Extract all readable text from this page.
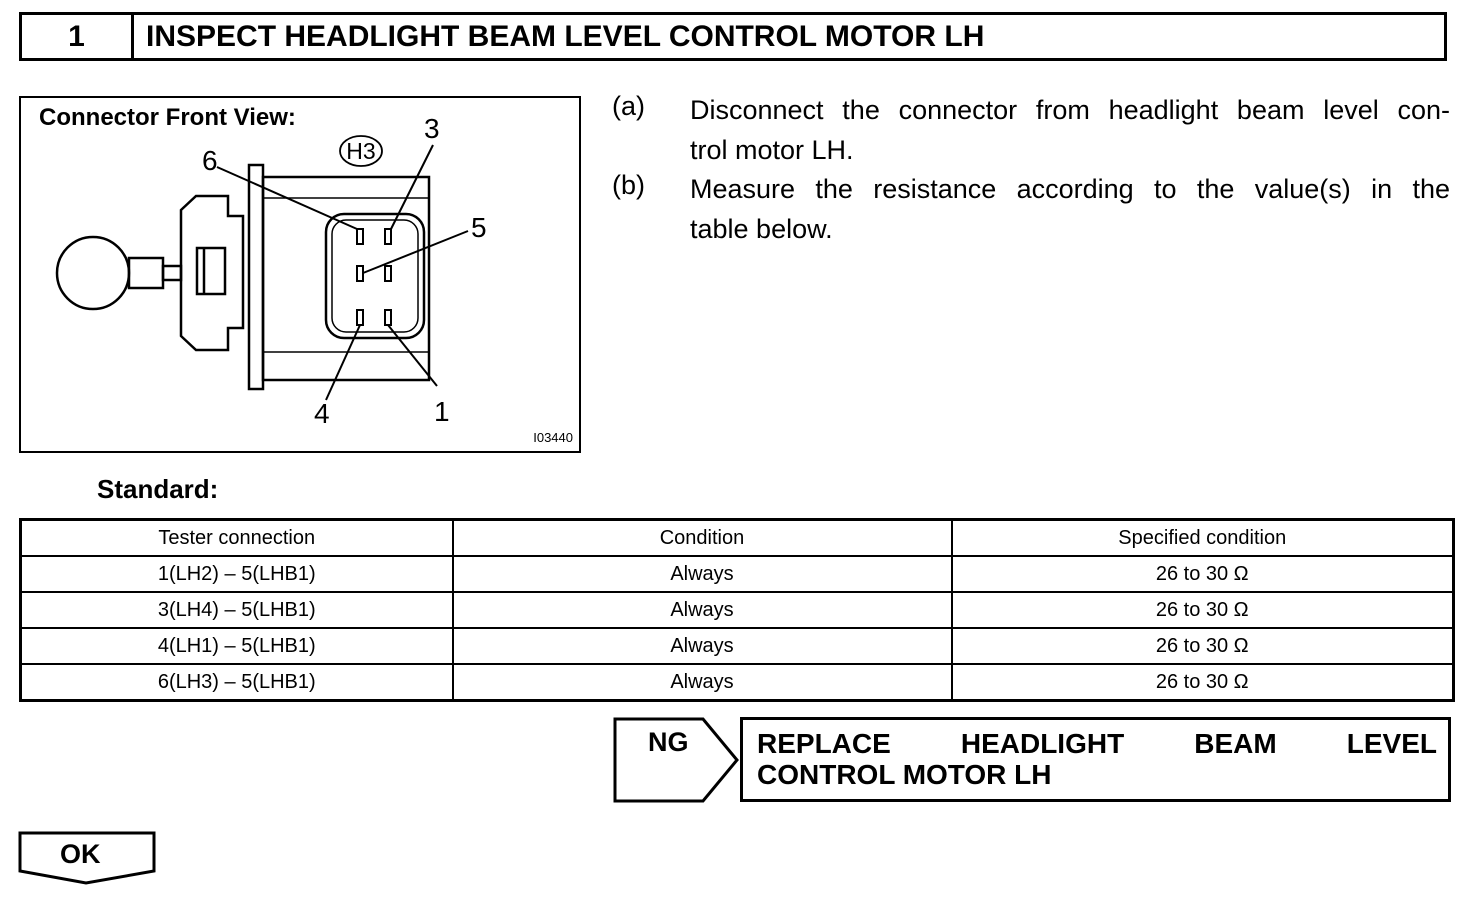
1	INSPECT HEADLIGHT BEAM LEVEL CONTROL MOTOR LH
H3
6
3
5
4	1
Connector Front View:
I03440
(a) Disconnect the connector from headlight beam level con-
trol motor LH.
(b) Measure the resistance according to the value(s) in the
table below.
Standard:
Tester connection	Condition	Specified condition
1(LH2) – 5(LHB1)	Always	26 to 30 Ω
3(LH4) – 5(LHB1)	Always	26 to 30 Ω
4(LH1) – 5(LHB1)	Always	26 to 30 Ω
6(LH3) – 5(LHB1)	Always	26 to 30 Ω
NG REPLACE HEADLIGHT BEAM LEVEL
CONTROL MOTOR LH
OK
